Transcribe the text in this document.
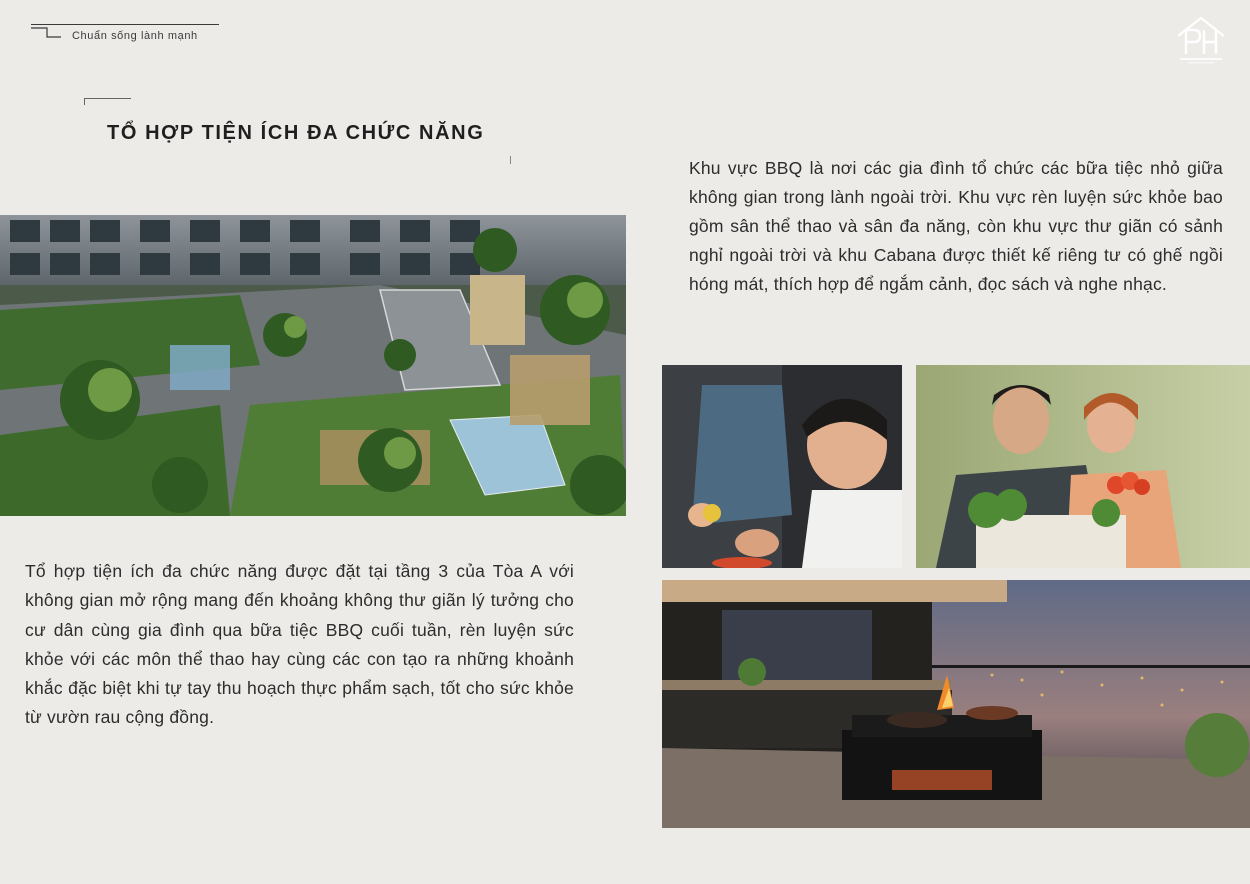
Chuẩn sống lành mạnh
TỔ HỢP TIỆN ÍCH ĐA CHỨC NĂNG
Khu vực BBQ là nơi các gia đình tổ chức các bữa tiệc nhỏ giữa không gian trong lành ngoài trời. Khu vực rèn luyện sức khỏe bao gồm sân thể thao và sân đa năng, còn khu vực thư giãn có sảnh nghỉ ngoài trời và khu Cabana được thiết kế riêng tư có ghế ngồi hóng mát, thích hợp để ngắm cảnh, đọc sách và nghe nhạc.
Tổ hợp tiện ích đa chức năng được đặt tại tầng 3 của Tòa A với không gian mở rộng mang đến khoảng không thư giãn lý tưởng cho cư dân cùng gia đình qua bữa tiệc BBQ cuối tuần, rèn luyện sức khỏe với các môn thể thao hay cùng các con tạo ra những khoảnh khắc đặc biệt khi tự tay thu hoạch thực phẩm sạch, tốt cho sức khỏe từ vườn rau cộng đồng.
